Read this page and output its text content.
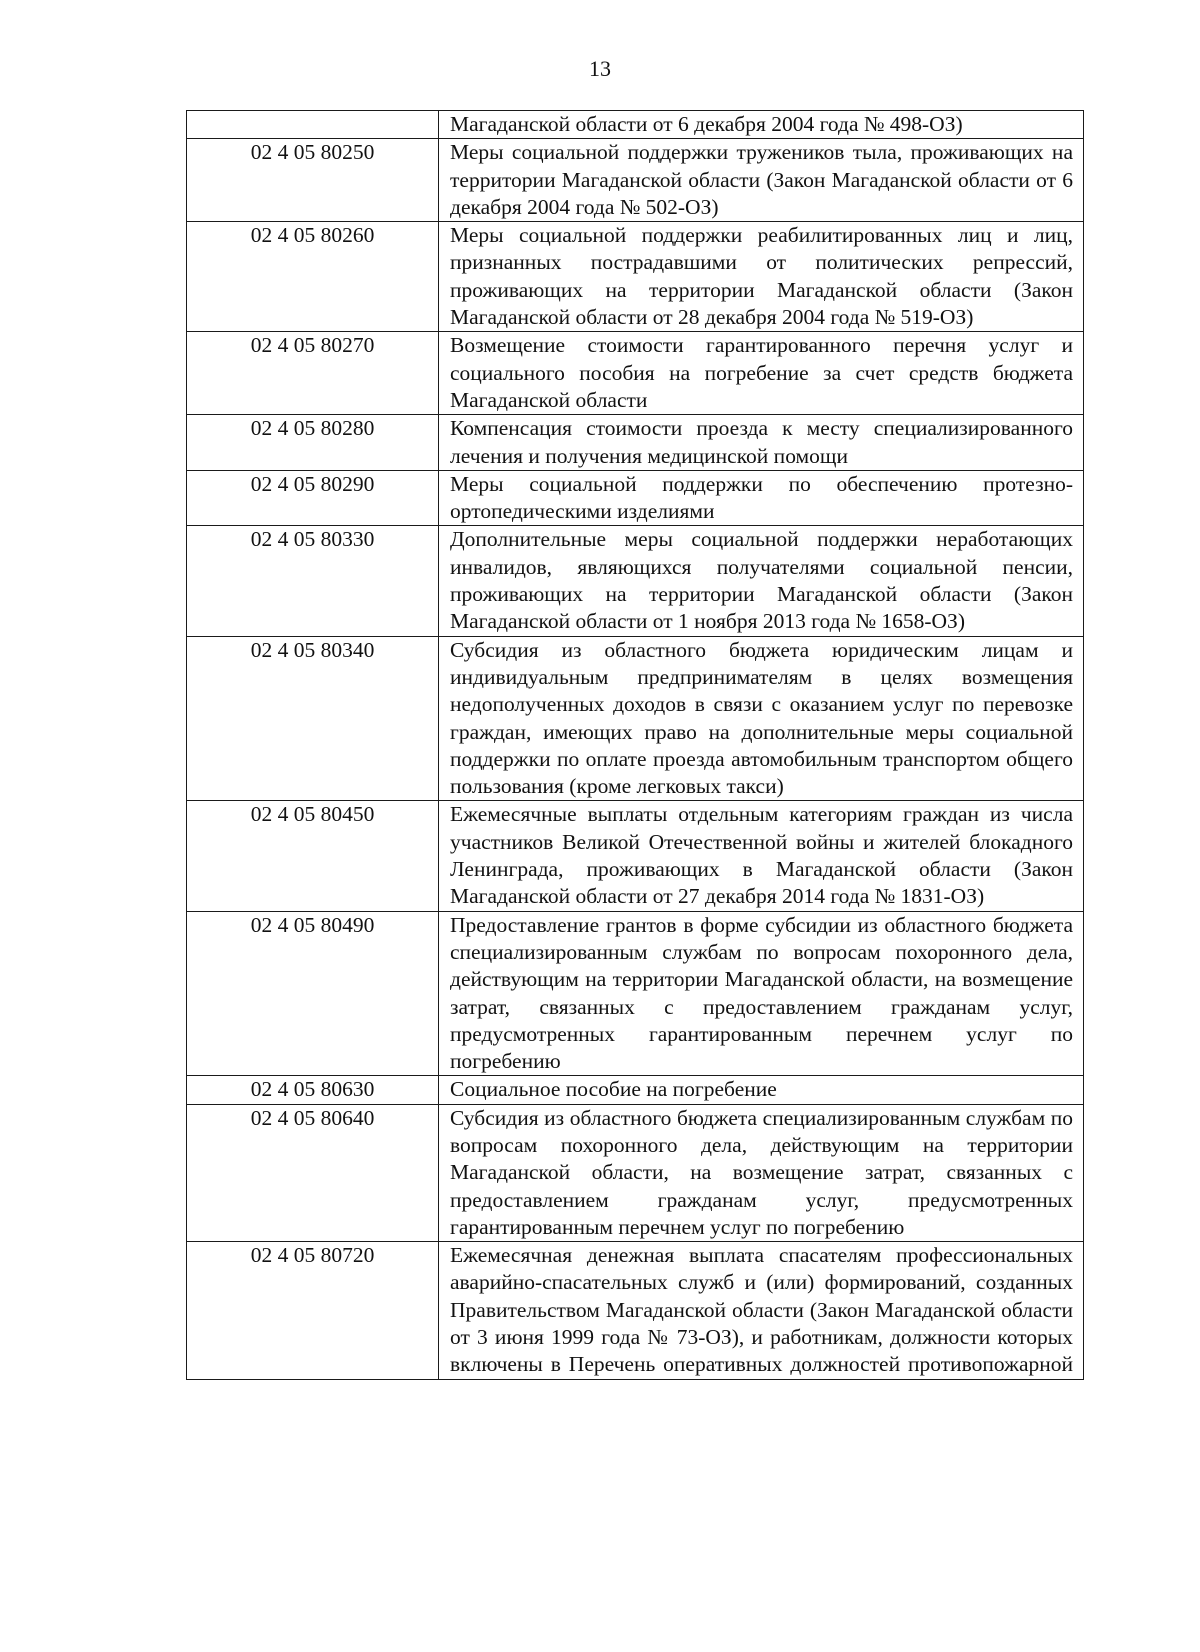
13
	Магаданской области от 6 декабря 2004 года № 498-ОЗ)
02 4 05 80250	Меры социальной поддержки тружеников тыла, проживающих на территории Магаданской области (Закон Магаданской области от 6 декабря 2004 года № 502-ОЗ)
02 4 05 80260	Меры социальной поддержки реабилитированных лиц и лиц, признанных пострадавшими от политических репрессий, проживающих на территории Магаданской области (Закон Магаданской области от 28 декабря 2004 года № 519-ОЗ)
02 4 05 80270	Возмещение стоимости гарантированного перечня услуг и социального пособия на погребение за счет средств бюджета Магаданской области
02 4 05 80280	Компенсация стоимости проезда к месту специализированного лечения и получения медицинской помощи
02 4 05 80290	Меры социальной поддержки по обеспечению протезно-ортопедическими изделиями
02 4 05 80330	Дополнительные меры социальной поддержки неработающих инвалидов, являющихся получателями социальной пенсии, проживающих на территории Магаданской области (Закон Магаданской области от 1 ноября 2013 года № 1658-ОЗ)
02 4 05 80340	Субсидия из областного бюджета юридическим лицам и индивидуальным предпринимателям в целях возмещения недополученных доходов в связи с оказанием услуг по перевозке граждан, имеющих право на дополнительные меры социальной поддержки по оплате проезда автомобильным транспортом общего пользования (кроме легковых такси)
02 4 05 80450	Ежемесячные выплаты отдельным категориям граждан из числа участников Великой Отечественной войны и жителей блокадного Ленинграда, проживающих в Магаданской области (Закон Магаданской области от 27 декабря 2014 года № 1831-ОЗ)
02 4 05 80490	Предоставление грантов в форме субсидии из областного бюджета специализированным службам по вопросам похоронного дела, действующим на территории Магаданской области, на возмещение затрат, связанных с предоставлением гражданам услуг, предусмотренных гарантированным перечнем услуг по погребению
02 4 05 80630	Социальное пособие на погребение
02 4 05 80640	Субсидия из областного бюджета специализированным службам по вопросам похоронного дела, действующим на территории Магаданской области, на возмещение затрат, связанных с предоставлением гражданам услуг, предусмотренных гарантированным перечнем услуг по погребению
02 4 05 80720	Ежемесячная денежная выплата спасателям профессиональных аварийно-спасательных служб и (или) формирований, созданных Правительством Магаданской области (Закон Магаданской области от 3 июня 1999 года № 73-ОЗ), и работникам, должности которых включены в Перечень оперативных должностей противопожарной
